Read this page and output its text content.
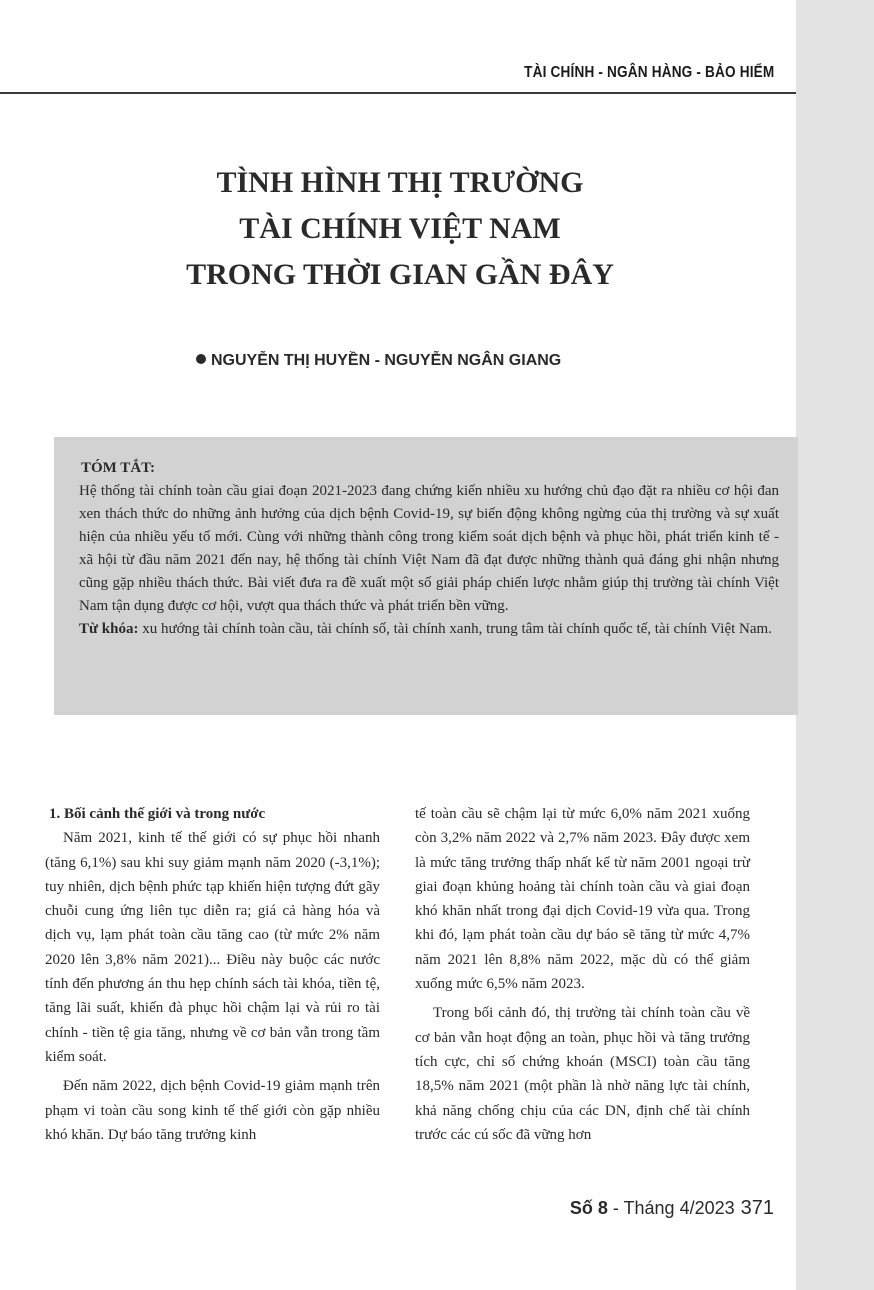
TÀI CHÍNH - NGÂN HÀNG - BẢO HIỂM
TÌNH HÌNH THỊ TRƯỜNG
TÀI CHÍNH VIỆT NAM
TRONG THỜI GIAN GẦN ĐÂY
NGUYỄN THỊ HUYỀN - NGUYỄN NGÂN GIANG
TÓM TẮT:

Hệ thống tài chính toàn cầu giai đoạn 2021-2023 đang chứng kiến nhiều xu hướng chủ đạo đặt ra nhiều cơ hội đan xen thách thức do những ảnh hưởng của dịch bệnh Covid-19, sự biến động không ngừng của thị trường và sự xuất hiện của nhiều yếu tố mới. Cùng với những thành công trong kiểm soát dịch bệnh và phục hồi, phát triển kinh tế - xã hội từ đầu năm 2021 đến nay, hệ thống tài chính Việt Nam đã đạt được những thành quả đáng ghi nhận nhưng cũng gặp nhiều thách thức. Bài viết đưa ra đề xuất một số giải pháp chiến lược nhằm giúp thị trường tài chính Việt Nam tận dụng được cơ hội, vượt qua thách thức và phát triển bền vững.

Từ khóa: xu hướng tài chính toàn cầu, tài chính số, tài chính xanh, trung tâm tài chính quốc tế, tài chính Việt Nam.

1. Bối cảnh thế giới và trong nước

Năm 2021, kinh tế thế giới có sự phục hồi nhanh (tăng 6,1%) sau khi suy giảm mạnh năm 2020 (-3,1%); tuy nhiên, dịch bệnh phức tạp khiến hiện tượng đứt gãy chuỗi cung ứng liên tục diễn ra; giá cả hàng hóa và dịch vụ, lạm phát toàn cầu tăng cao (từ mức 2% năm 2020 lên 3,8% năm 2021)... Điều này buộc các nước tính đến phương án thu hẹp chính sách tài khóa, tiền tệ, tăng lãi suất, khiến đà phục hồi chậm lại và rủi ro tài chính - tiền tệ gia tăng, nhưng về cơ bản vẫn trong tầm kiểm soát.

Đến năm 2022, dịch bệnh Covid-19 giảm mạnh trên phạm vi toàn cầu song kinh tế thế giới còn gặp nhiều khó khăn. Dự báo tăng trưởng kinh

tế toàn cầu sẽ chậm lại từ mức 6,0% năm 2021 xuống còn 3,2% năm 2022 và 2,7% năm 2023. Đây được xem là mức tăng trưởng thấp nhất kể từ năm 2001 ngoại trừ giai đoạn khủng hoảng tài chính toàn cầu và giai đoạn khó khăn nhất trong đại dịch Covid-19 vừa qua. Trong khi đó, lạm phát toàn cầu dự báo sẽ tăng từ mức 4,7% năm 2021 lên 8,8% năm 2022, mặc dù có thể giảm xuống mức 6,5% năm 2023.

Trong bối cảnh đó, thị trường tài chính toàn cầu về cơ bản vẫn hoạt động an toàn, phục hồi và tăng trưởng tích cực, chỉ số chứng khoán (MSCI) toàn cầu tăng 18,5% năm 2021 (một phần là nhờ năng lực tài chính, khả năng chống chịu của các DN, định chế tài chính trước các cú sốc đã vững hơn

Số 8 - Tháng 4/2023 371
